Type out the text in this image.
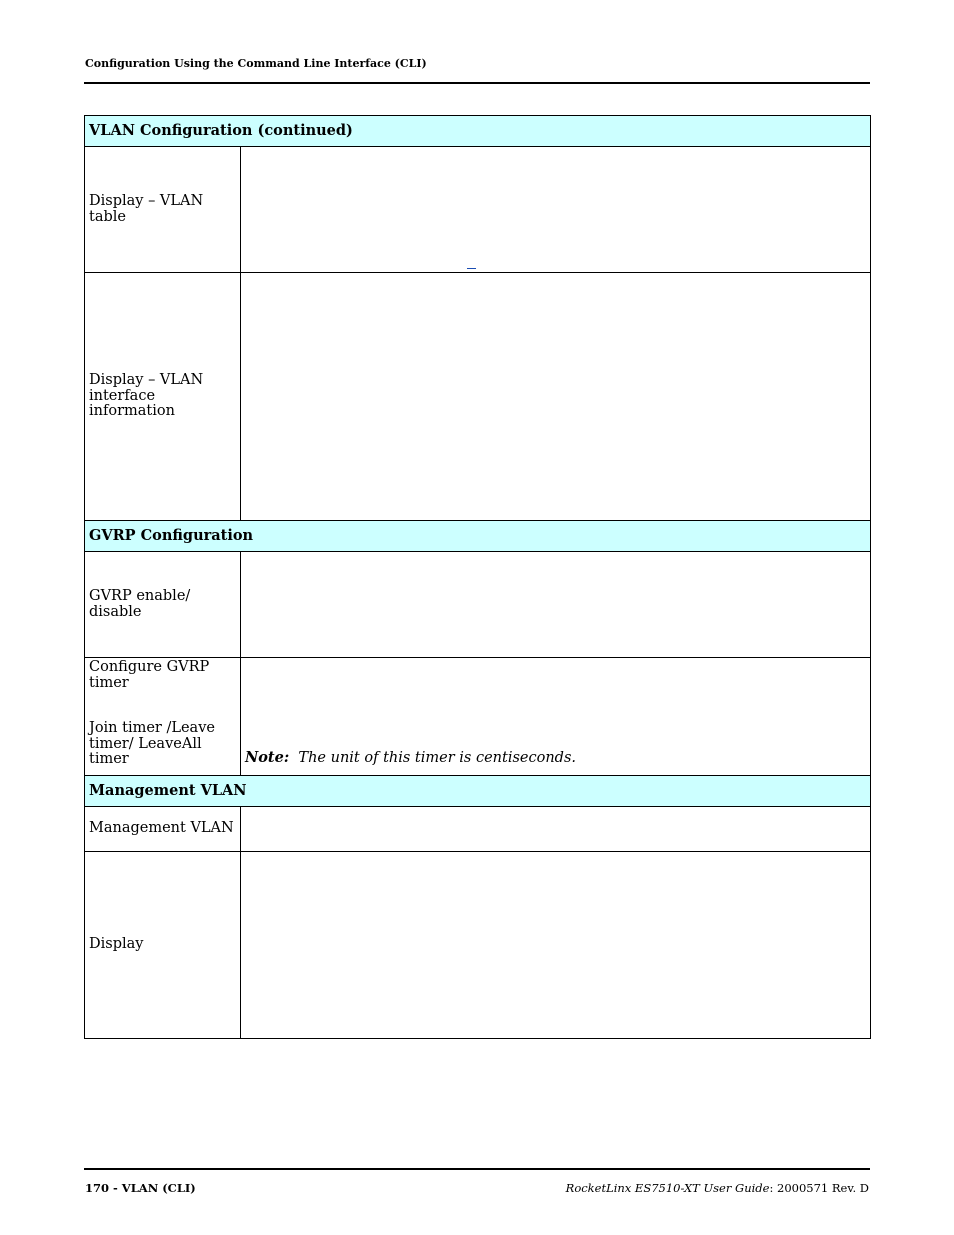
Configuration Using the Command Line Interface (CLI)
VLAN Configuration (continued)	
Display – VLAN table	

Display – VLAN interface information	
GVRP Configuration	
GVRP enable/ disable	

Configure GVRP timer
Join timer /Leave timer/ LeaveAll timer	Note: The unit of this timer is centiseconds.
Management VLAN	
Management VLAN	
Display	
170 - VLAN (CLI)	RocketLinx ES7510-XT User Guide: 2000571 Rev. D
